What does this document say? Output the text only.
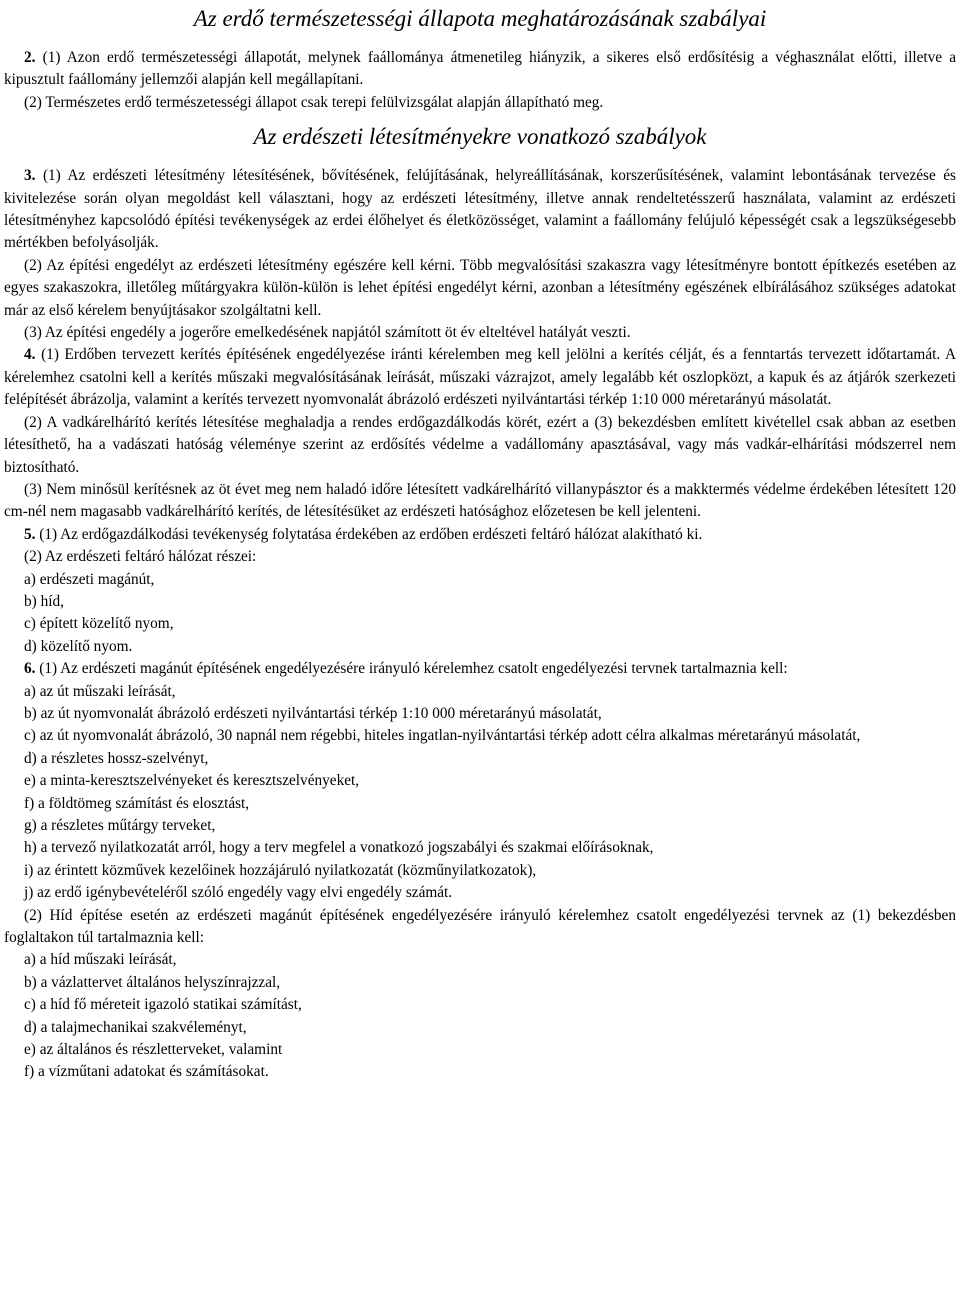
Az erdő természetességi állapota meghatározásának szabályai

2. (1) Azon erdő természetességi állapotát, melynek faállománya átmenetileg hiányzik, a sikeres első erdősítésig a véghasználat előtti, illetve a kipusztult faállomány jellemzői alapján kell megállapítani.

(2) Természetes erdő természetességi állapot csak terepi felülvizsgálat alapján állapítható meg.

Az erdészeti létesítményekre vonatkozó szabályok

3. (1) Az erdészeti létesítmény létesítésének, bővítésének, felújításának, helyreállításának, korszerűsítésének, valamint lebontásának tervezése és kivitelezése során olyan megoldást kell választani, hogy az erdészeti létesítmény, illetve annak rendeltetésszerű használata, valamint az erdészeti létesítményhez kapcsolódó építési tevékenységek az erdei élőhelyet és életközösséget, valamint a faállomány felújuló képességét csak a legszükségesebb mértékben befolyásolják.

(2) Az építési engedélyt az erdészeti létesítmény egészére kell kérni. Több megvalósítási szakaszra vagy létesítményre bontott építkezés esetében az egyes szakaszokra, illetőleg műtárgyakra külön-külön is lehet építési engedélyt kérni, azonban a létesítmény egészének elbírálásához szükséges adatokat már az első kérelem benyújtásakor szolgáltatni kell.

(3) Az építési engedély a jogerőre emelkedésének napjától számított öt év elteltével hatályát veszti.

4. (1) Erdőben tervezett kerítés építésének engedélyezése iránti kérelemben meg kell jelölni a kerítés célját, és a fenntartás tervezett időtartamát. A kérelemhez csatolni kell a kerítés műszaki megvalósításának leírását, műszaki vázrajzot, amely legalább két oszlopközt, a kapuk és az átjárók szerkezeti felépítését ábrázolja, valamint a kerítés tervezett nyomvonalát ábrázoló erdészeti nyilvántartási térkép 1:10 000 méretarányú másolatát.

(2) A vadkárelhárító kerítés létesítése meghaladja a rendes erdőgazdálkodás körét, ezért a (3) bekezdésben említett kivétellel csak abban az esetben létesíthető, ha a vadászati hatóság véleménye szerint az erdősítés védelme a vadállomány apasztásával, vagy más vadkár-elhárítási módszerrel nem biztosítható.

(3) Nem minősül kerítésnek az öt évet meg nem haladó időre létesített vadkárelhárító villanypásztor és a makktermés védelme érdekében létesített 120 cm-nél nem magasabb vadkárelhárító kerítés, de létesítésüket az erdészeti hatósághoz előzetesen be kell jelenteni.

5. (1) Az erdőgazdálkodási tevékenység folytatása érdekében az erdőben erdészeti feltáró hálózat alakítható ki.

(2) Az erdészeti feltáró hálózat részei:

a) erdészeti magánút,

b) híd,

c) épített közelítő nyom,

d) közelítő nyom.

6. (1) Az erdészeti magánút építésének engedélyezésére irányuló kérelemhez csatolt engedélyezési tervnek tartalmaznia kell:

a) az út műszaki leírását,

b) az út nyomvonalát ábrázoló erdészeti nyilvántartási térkép 1:10 000 méretarányú másolatát,

c) az út nyomvonalát ábrázoló, 30 napnál nem régebbi, hiteles ingatlan-nyilvántartási térkép adott célra alkalmas méretarányú másolatát,

d) a részletes hossz-szelvényt,

e) a minta-keresztszelvényeket és keresztszelvényeket,

f) a földtömeg számítást és elosztást,

g) a részletes műtárgy terveket,

h) a tervező nyilatkozatát arról, hogy a terv megfelel a vonatkozó jogszabályi és szakmai előírásoknak,

i) az érintett közművek kezelőinek hozzájáruló nyilatkozatát (közműnyilatkozatok),

j) az erdő igénybevételéről szóló engedély vagy elvi engedély számát.

(2) Híd építése esetén az erdészeti magánút építésének engedélyezésére irányuló kérelemhez csatolt engedélyezési tervnek az (1) bekezdésben foglaltakon túl tartalmaznia kell:

a) a híd műszaki leírását,

b) a vázlattervet általános helyszínrajzzal,

c) a híd fő méreteit igazoló statikai számítást,

d) a talajmechanikai szakvéleményt,

e) az általános és részletterveket, valamint

f) a vízműtani adatokat és számításokat.
